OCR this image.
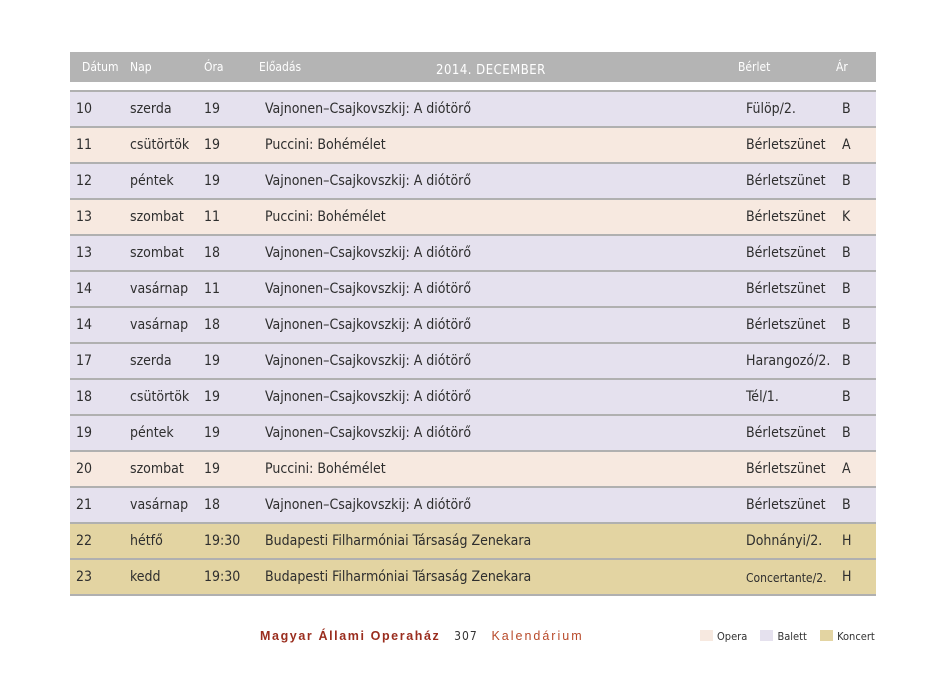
Dátum Nap	Óra	Előadás	2014. DECEMBER	Bérlet	Ár
10	szerda 19	Vajnonen–Csajkovszkij: A diótörő	Fülöp/2.	B
11	csütörtök 19	Puccini: Bohémélet	Bérletszünet A
12	péntek 19	Vajnonen–Csajkovszkij: A diótörő	Bérletszünet B
13	szombat 11	Puccini: Bohémélet	Bérletszünet K
13	szombat 18	Vajnonen–Csajkovszkij: A diótörő	Bérletszünet B
14	vasárnap 11	Vajnonen–Csajkovszkij: A diótörő	Bérletszünet B
14	vasárnap 18	Vajnonen–Csajkovszkij: A diótörő	Bérletszünet B
17	szerda 19	Vajnonen–Csajkovszkij: A diótörő	Harangozó/2. B
18	csütörtök 19	Vajnonen–Csajkovszkij: A diótörő	Tél/1.	B
19	péntek 19	Vajnonen–Csajkovszkij: A diótörő	Bérletszünet B
20	szombat 19	Puccini: Bohémélet	Bérletszünet A
21	vasárnap 18	Vajnonen–Csajkovszkij: A diótörő	Bérletszünet B
22	hétfő	19:30 Budapesti Filharmóniai Társaság Zenekara	Dohnányi/2. H
23	kedd	19:30 Budapesti Filharmóniai Társaság Zenekara	Concertante/2. H
Magyar Állami Operaház 307 Kalendárium	Opera	Balett	Koncert
